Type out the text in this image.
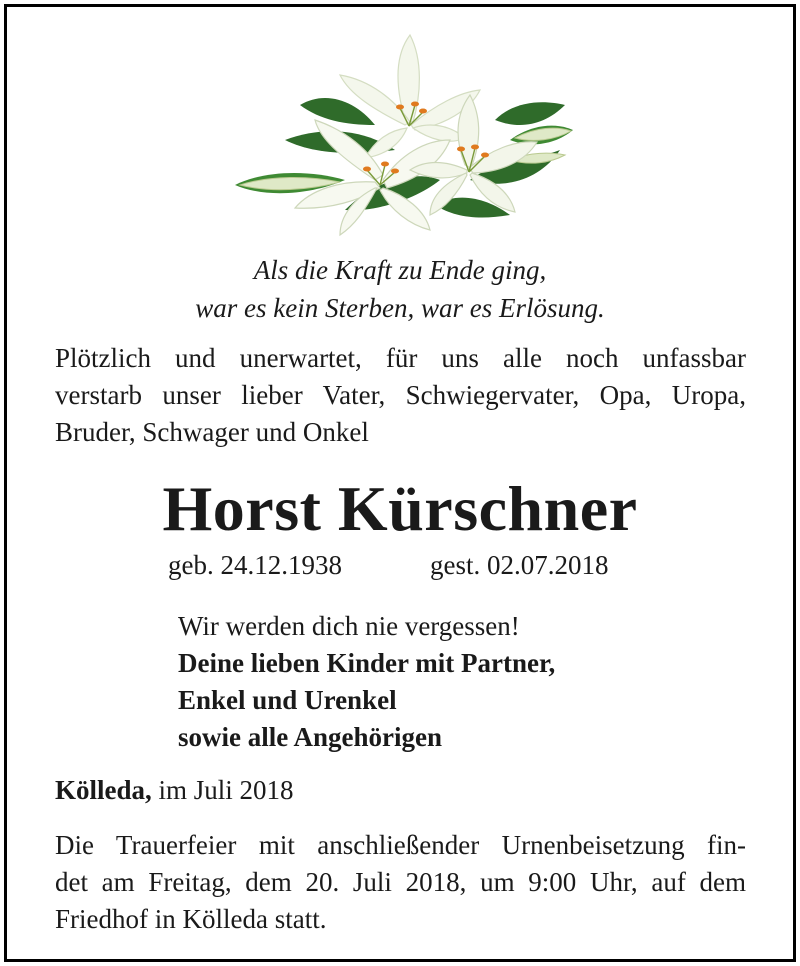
Als die Kraft zu Ende ging,
war es kein Sterben, war es Erlösung.
Plötzlich und unerwartet, für uns alle noch unfassbar
verstarb unser lieber Vater, Schwiegervater, Opa, Uropa,
Bruder, Schwager und Onkel
Horst Kürschner
geb. 24.12.1938	gest. 02.07.2018
Wir werden dich nie vergessen!
Deine lieben Kinder mit Partner,
Enkel und Urenkel
sowie alle Angehörigen
Kölleda, im Juli 2018
Die Trauerfeier mit anschließender Urnenbeisetzung fin-
det am Freitag, dem 20. Juli 2018, um 9:00 Uhr, auf dem
Friedhof in Kölleda statt.
